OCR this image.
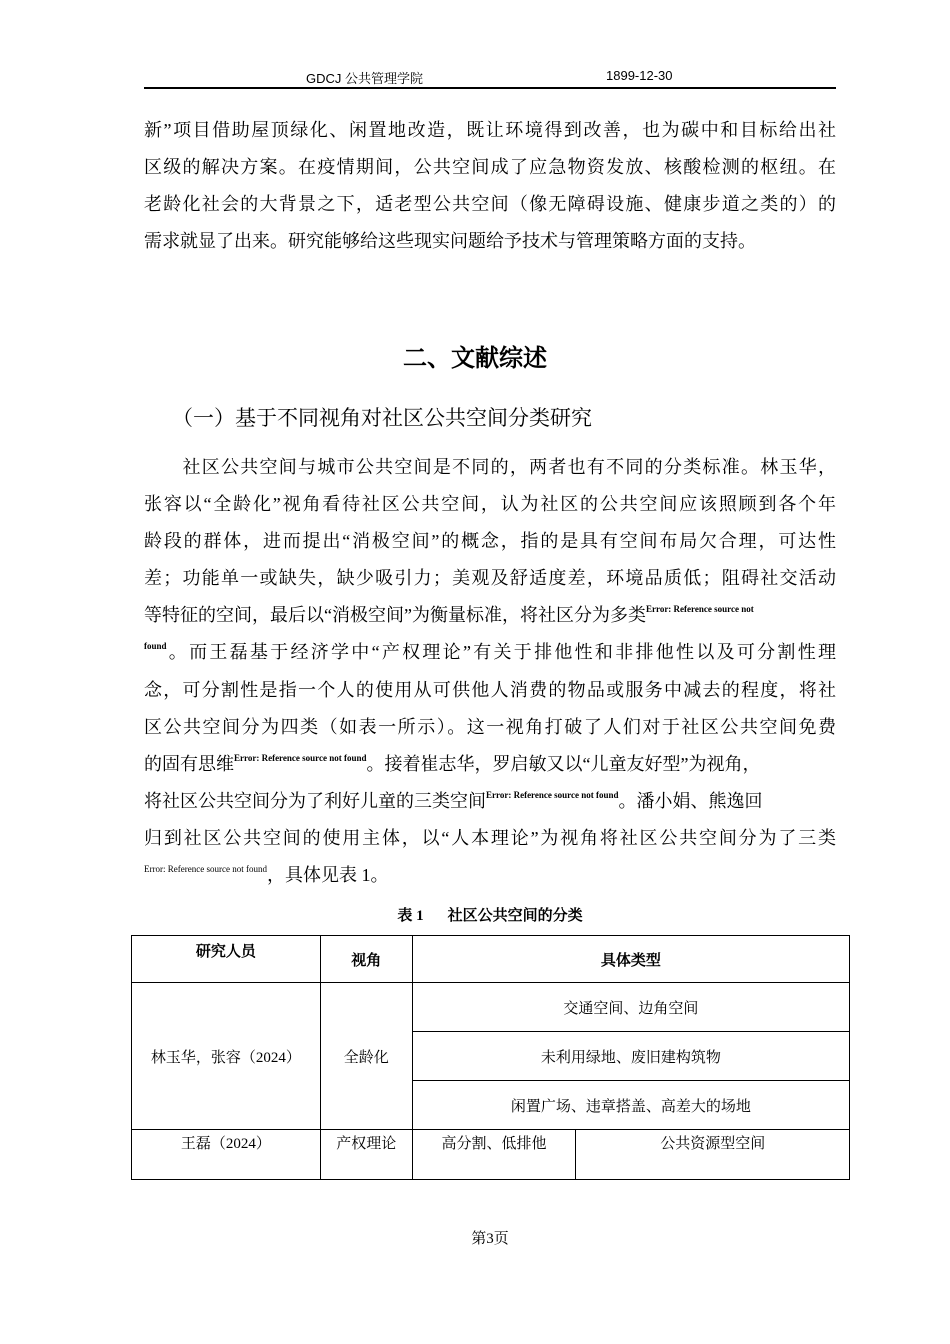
GDCJ 公共管理学院	1899-12-30
新”项目借助屋顶绿化、闲置地改造，既让环境得到改善，也为碳中和目标给出社
区级的解决方案。在疫情期间，公共空间成了应急物资发放、核酸检测的枢纽。在
老龄化社会的大背景之下，适老型公共空间（像无障碍设施、健康步道之类的）的
需求就显了出来。研究能够给这些现实问题给予技术与管理策略方面的支持。
二、文献综述
（一）基于不同视角对社区公共空间分类研究
　　社区公共空间与城市公共空间是不同的，两者也有不同的分类标准。林玉华，
张容以“全龄化”视角看待社区公共空间，认为社区的公共空间应该照顾到各个年
龄段的群体，进而提出“消极空间”的概念，指的是具有空间布局欠合理，可达性
差；功能单一或缺失，缺少吸引力；美观及舒适度差，环境品质低；阻碍社交活动
等特征的空间，最后以“消极空间”为衡量标准，将社区分为多类$^{Error: Reference source not}$
$^{found}$。而王磊基于经济学中“产权理论”有关于排他性和非排他性以及可分割性理
念，可分割性是指一个人的使用从可供他人消费的物品或服务中减去的程度，将社
区公共空间分为四类（如表一所示）。这一视角打破了人们对于社区公共空间免费
的固有思维$^{Error: Reference source not found}$。接着崔志华，罗启敏又以“儿童友好型”为视角，
将社区公共空间分为了利好儿童的三类空间$^{Error: Reference source not found}$。潘小娟、熊逸回
归到社区公共空间的使用主体，以“人本理论”为视角将社区公共空间分为了三类
$^{Error: Reference source not found}$，具体见表 1。
表 1 社区公共空间的分类
研究人员	视角	具体类型	
林玉华，张容（2024）	全龄化	交通空间、边角空间	
		未利用绿地、废旧建构筑物	
		闲置广场、违章搭盖、高差大的场地	
王磊（2024）	产权理论	高分割、低排他	公共资源型空间
第3页
